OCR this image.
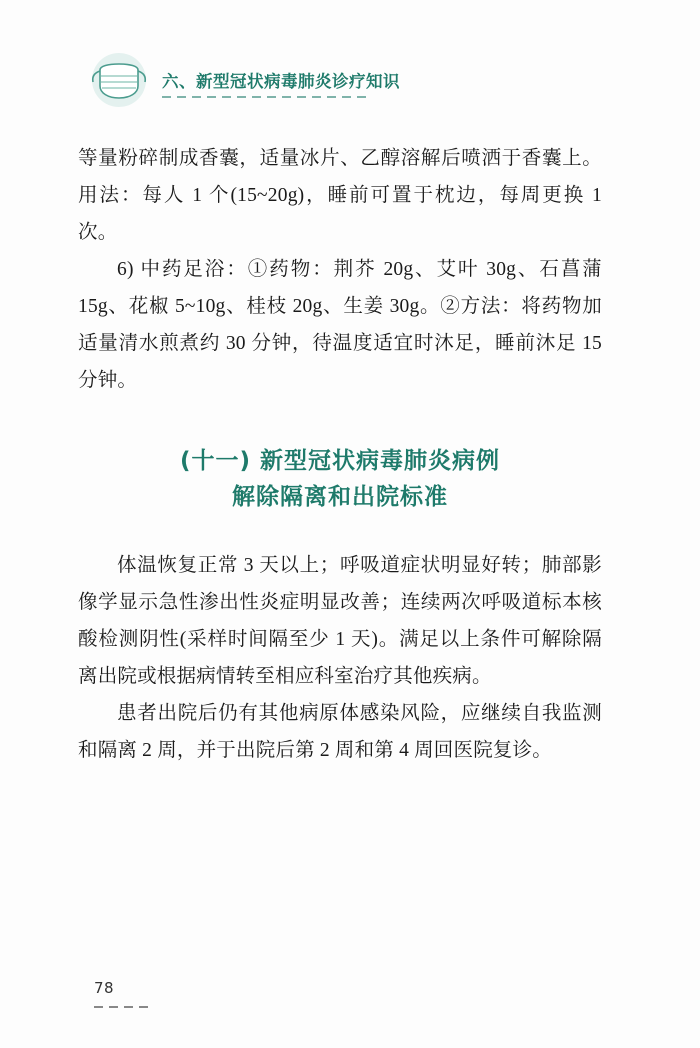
六、新型冠状病毒肺炎诊疗知识

等量粉碎制成香囊，适量冰片、乙醇溶解后喷洒于香囊上。用法：每人 1 个(15~20g)，睡前可置于枕边，每周更换 1 次。

6) 中药足浴：①药物：荆芥 20g、艾叶 30g、石菖蒲 15g、花椒 5~10g、桂枝 20g、生姜 30g。②方法：将药物加适量清水煎煮约 30 分钟，待温度适宜时沐足，睡前沐足 15 分钟。

(十一) 新型冠状病毒肺炎病例
解除隔离和出院标准

体温恢复正常 3 天以上；呼吸道症状明显好转；肺部影像学显示急性渗出性炎症明显改善；连续两次呼吸道标本核酸检测阴性(采样时间隔至少 1 天)。满足以上条件可解除隔离出院或根据病情转至相应科室治疗其他疾病。

患者出院后仍有其他病原体感染风险，应继续自我监测和隔离 2 周，并于出院后第 2 周和第 4 周回医院复诊。

78
